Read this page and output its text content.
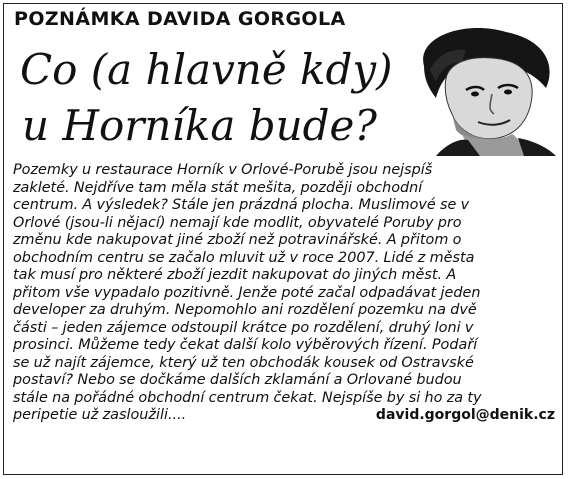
POZNÁMKA DAVIDA GORGOLA
Co (a hlavně kdy)
u Horníka bude?
Pozemky u restaurace Horník v Orlové-Porubě jsou nejspíš
zakleté. Nejdříve tam měla stát mešita, později obchodní
centrum. A výsledek? Stále jen prázdná plocha. Muslimové se v
Orlové (jsou-li nějací) nemají kde modlit, obyvatelé Poruby pro
změnu kde nakupovat jiné zboží než potravinářské. A přitom o
obchodním centru se začalo mluvit už v roce 2007. Lidé z města
tak musí pro některé zboží jezdit nakupovat do jiných měst. A
přitom vše vypadalo pozitivně. Jenže poté začal odpadávat jeden
developer za druhým. Nepomohlo ani rozdělení pozemku na dvě
části – jeden zájemce odstoupil krátce po rozdělení, druhý loni v
prosinci. Můžeme tedy čekat další kolo výběrových řízení. Podaří
se už najít zájemce, který už ten obchodák kousek od Ostravské
postaví? Nebo se dočkáme dalších zklamání a Orlované budou
stále na pořádné obchodní centrum čekat. Nejspíše by si ho za ty
peripetie už zasloužili....	david.gorgol@denik.cz
